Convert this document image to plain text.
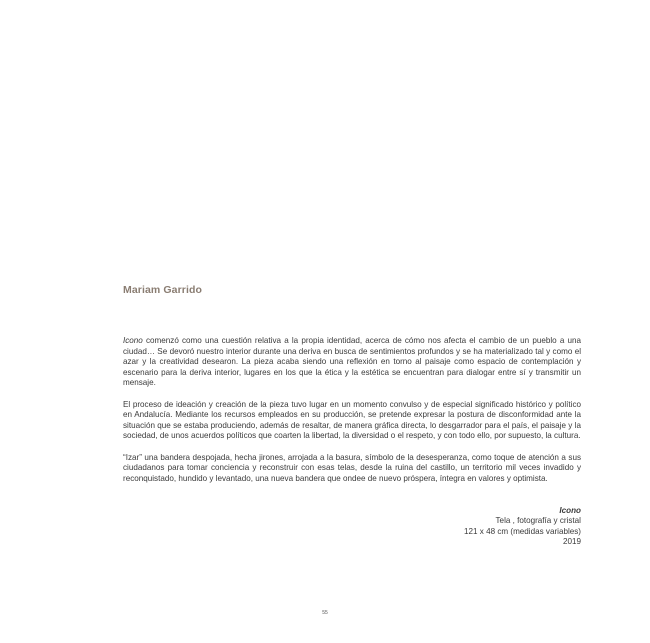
Mariam Garrido

Icono comenzó como una cuestión relativa a la propia identidad, acerca de cómo nos afecta el cambio de un pueblo a una ciudad… Se devoró nuestro interior durante una deriva en busca de sentimientos profundos y se ha materializado tal y como el azar y la creatividad desearon. La pieza acaba siendo una reflexión en torno al paisaje como espacio de contemplación y escenario para la deriva interior, lugares en los que la ética y la estética se encuentran para dialogar entre sí y transmitir un mensaje.

El proceso de ideación y creación de la pieza tuvo lugar en un momento convulso y de especial significado histórico y político en Andalucía. Mediante los recursos empleados en su producción, se pretende expresar la postura de disconformidad ante la situación que se estaba produciendo, además de resaltar, de manera gráfica directa, lo desgarrador para el país, el paisaje y la sociedad, de unos acuerdos políticos que coarten la libertad, la diversidad o el respeto, y con todo ello, por supuesto, la cultura.

“Izar” una bandera despojada, hecha jirones, arrojada a la basura, símbolo de la desesperanza, como toque de atención a sus ciudadanos para tomar conciencia y reconstruir con esas telas, desde la ruina del castillo, un territorio mil veces invadido y reconquistado, hundido y levantado, una nueva bandera que ondee de nuevo próspera, íntegra en valores y optimista.

Icono
Tela , fotografía y cristal
121 x 48 cm (medidas variables)
2019
55
